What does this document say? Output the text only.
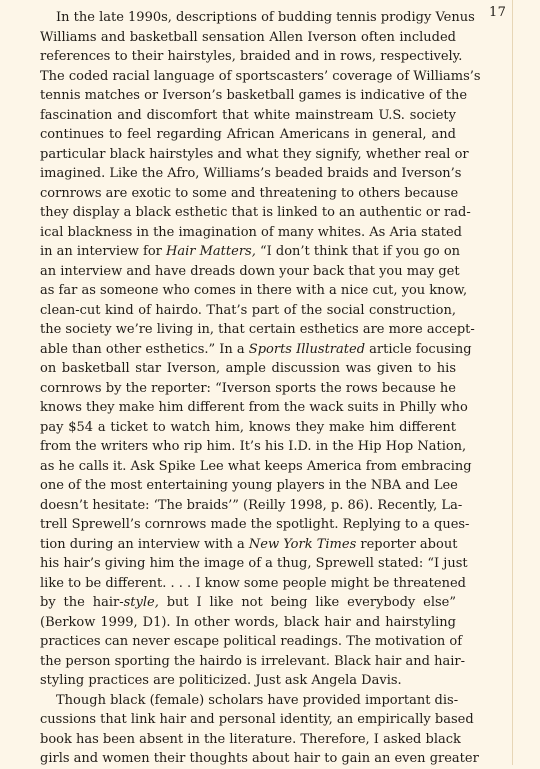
17

In the late 1990s, descriptions of budding tennis prodigy Venus
Williams and basketball sensation Allen Iverson often included
references to their hairstyles, braided and in rows, respectively.
The coded racial language of sportscasters’ coverage of Williams’s
tennis matches or Iverson’s basketball games is indicative of the
fascination and discomfort that white mainstream U.S. society
continues to feel regarding African Americans in general, and
particular black hairstyles and what they signify, whether real or
imagined. Like the Afro, Williams’s beaded braids and Iverson’s
cornrows are exotic to some and threatening to others because
they display a black esthetic that is linked to an authentic or rad-
ical blackness in the imagination of many whites. As Aria stated
in an interview for Hair Matters, “I don’t think that if you go on
an interview and have dreads down your back that you may get
as far as someone who comes in there with a nice cut, you know,
clean-cut kind of hairdo. That’s part of the social construction,
the society we’re living in, that certain esthetics are more accept-
able than other esthetics.” In a Sports Illustrated article focusing
on basketball star Iverson, ample discussion was given to his
cornrows by the reporter: “Iverson sports the rows because he
knows they make him different from the wack suits in Philly who
pay $54 a ticket to watch him, knows they make him different
from the writers who rip him. It’s his I.D. in the Hip Hop Nation,
as he calls it. Ask Spike Lee what keeps America from embracing
one of the most entertaining young players in the NBA and Lee
doesn’t hesitate: ‘The braids’” (Reilly 1998, p. 86). Recently, La-
trell Sprewell’s cornrows made the spotlight. Replying to a ques-
tion during an interview with a New York Times reporter about
his hair’s giving him the image of a thug, Sprewell stated: “I just
like to be different. . . . I know some people might be threatened
by the hair-style, but I like not being like everybody else”
(Berkow 1999, D1). In other words, black hair and hairstyling
practices can never escape political readings. The motivation of
the person sporting the hairdo is irrelevant. Black hair and hair-
styling practices are politicized. Just ask Angela Davis.

Though black (female) scholars have provided important dis-
cussions that link hair and personal identity, an empirically based
book has been absent in the literature. Therefore, I asked black
girls and women their thoughts about hair to gain an even greater
